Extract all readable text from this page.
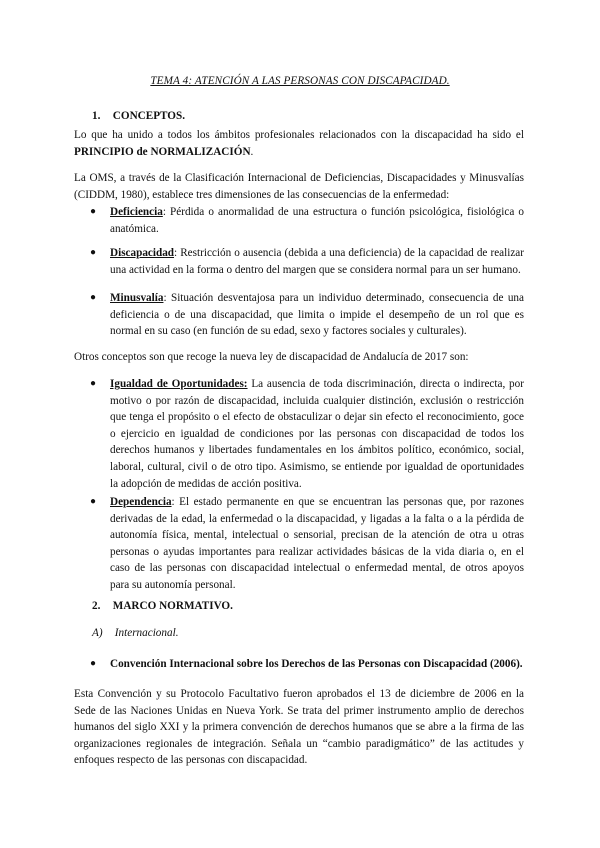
TEMA 4: ATENCIÓN A LAS PERSONAS CON DISCAPACIDAD.
1. CONCEPTOS.
Lo que ha unido a todos los ámbitos profesionales relacionados con la discapacidad ha sido el PRINCIPIO de NORMALIZACIÓN.
La OMS, a través de la Clasificación Internacional de Deficiencias, Discapacidades y Minusvalías (CIDDM, 1980), establece tres dimensiones de las consecuencias de la enfermedad:
● Deficiencia: Pérdida o anormalidad de una estructura o función psicológica, fisiológica o anatómica.
● Discapacidad: Restricción o ausencia (debida a una deficiencia) de la capacidad de realizar una actividad en la forma o dentro del margen que se considera normal para un ser humano.
● Minusvalía: Situación desventajosa para un individuo determinado, consecuencia de una deficiencia o de una discapacidad, que limita o impide el desempeño de un rol que es normal en su caso (en función de su edad, sexo y factores sociales y culturales).
Otros conceptos son que recoge la nueva ley de discapacidad de Andalucía de 2017 son:
● Igualdad de Oportunidades: La ausencia de toda discriminación, directa o indirecta, por motivo o por razón de discapacidad, incluida cualquier distinción, exclusión o restricción que tenga el propósito o el efecto de obstaculizar o dejar sin efecto el reconocimiento, goce o ejercicio en igualdad de condiciones por las personas con discapacidad de todos los derechos humanos y libertades fundamentales en los ámbitos político, económico, social, laboral, cultural, civil o de otro tipo. Asimismo, se entiende por igualdad de oportunidades la adopción de medidas de acción positiva.
● Dependencia: El estado permanente en que se encuentran las personas que, por razones derivadas de la edad, la enfermedad o la discapacidad, y ligadas a la falta o a la pérdida de autonomía física, mental, intelectual o sensorial, precisan de la atención de otra u otras personas o ayudas importantes para realizar actividades básicas de la vida diaria o, en el caso de las personas con discapacidad intelectual o enfermedad mental, de otros apoyos para su autonomía personal.
2. MARCO NORMATIVO.
A) Internacional.
● Convención Internacional sobre los Derechos de las Personas con Discapacidad (2006).
Esta Convención y su Protocolo Facultativo fueron aprobados el 13 de diciembre de 2006 en la Sede de las Naciones Unidas en Nueva York. Se trata del primer instrumento amplio de derechos humanos del siglo XXI y la primera convención de derechos humanos que se abre a la firma de las organizaciones regionales de integración. Señala un “cambio paradigmático” de las actitudes y enfoques respecto de las personas con discapacidad.
